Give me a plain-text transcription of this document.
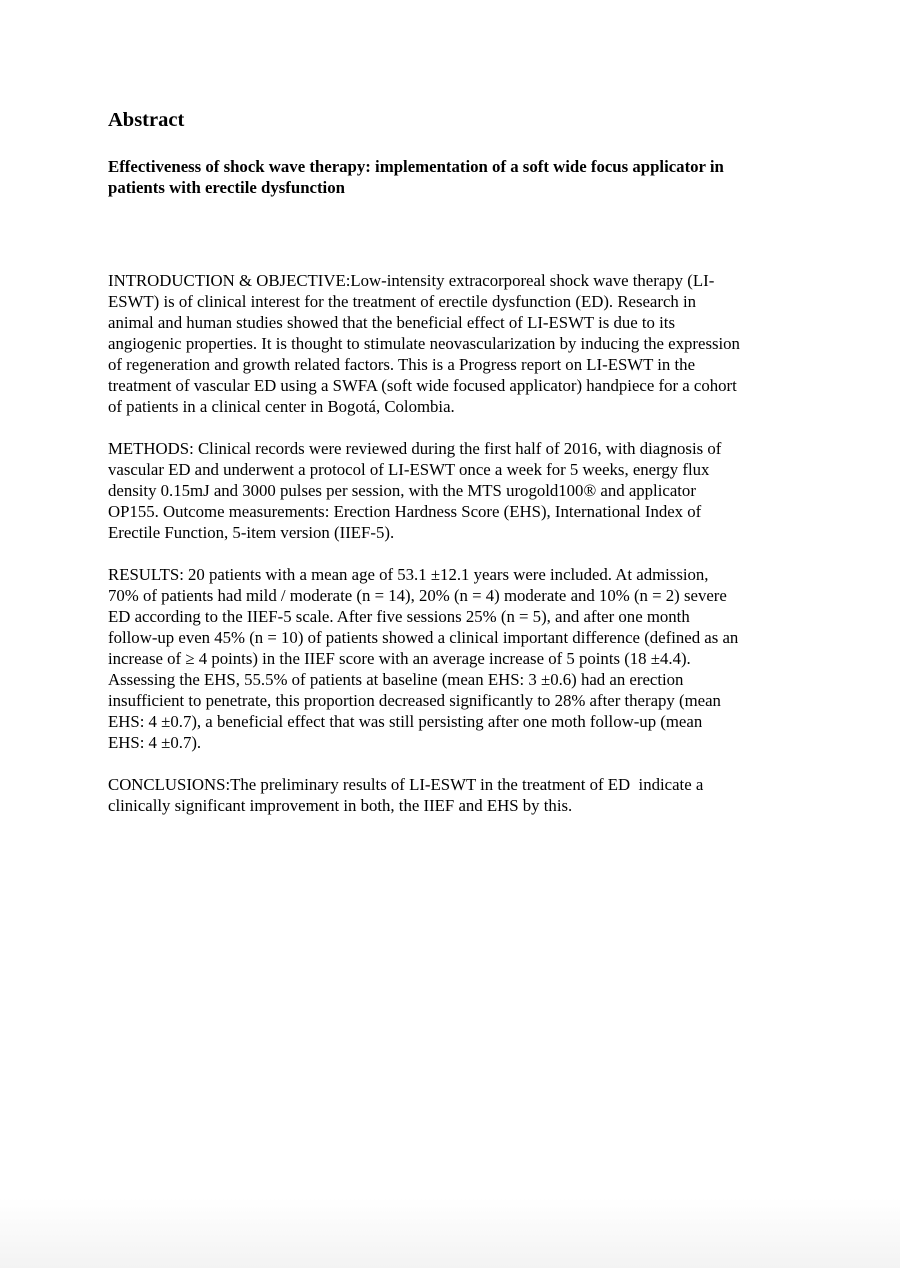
Abstract

Effectiveness of shock wave therapy: implementation of a soft wide focus applicator in
patients with erectile dysfunction

INTRODUCTION & OBJECTIVE:Low-intensity extracorporeal shock wave therapy (LI-
ESWT) is of clinical interest for the treatment of erectile dysfunction (ED). Research in
animal and human studies showed that the beneficial effect of LI-ESWT is due to its
angiogenic properties. It is thought to stimulate neovascularization by inducing the expression
of regeneration and growth related factors. This is a Progress report on LI-ESWT in the
treatment of vascular ED using a SWFA (soft wide focused applicator) handpiece for a cohort
of patients in a clinical center in Bogotá, Colombia.

METHODS: Clinical records were reviewed during the first half of 2016, with diagnosis of
vascular ED and underwent a protocol of LI-ESWT once a week for 5 weeks, energy flux
density 0.15mJ and 3000 pulses per session, with the MTS urogold100® and applicator
OP155. Outcome measurements: Erection Hardness Score (EHS), International Index of
Erectile Function, 5-item version (IIEF-5).

RESULTS: 20 patients with a mean age of 53.1 ±12.1 years were included. At admission,
70% of patients had mild / moderate (n = 14), 20% (n = 4) moderate and 10% (n = 2) severe
ED according to the IIEF-5 scale. After five sessions 25% (n = 5), and after one month
follow-up even 45% (n = 10) of patients showed a clinical important difference (defined as an
increase of ≥ 4 points) in the IIEF score with an average increase of 5 points (18 ±4.4).
Assessing the EHS, 55.5% of patients at baseline (mean EHS: 3 ±0.6) had an erection
insufficient to penetrate, this proportion decreased significantly to 28% after therapy (mean
EHS: 4 ±0.7), a beneficial effect that was still persisting after one moth follow-up (mean
EHS: 4 ±0.7).

CONCLUSIONS:The preliminary results of LI-ESWT in the treatment of ED  indicate a
clinically significant improvement in both, the IIEF and EHS by this.
